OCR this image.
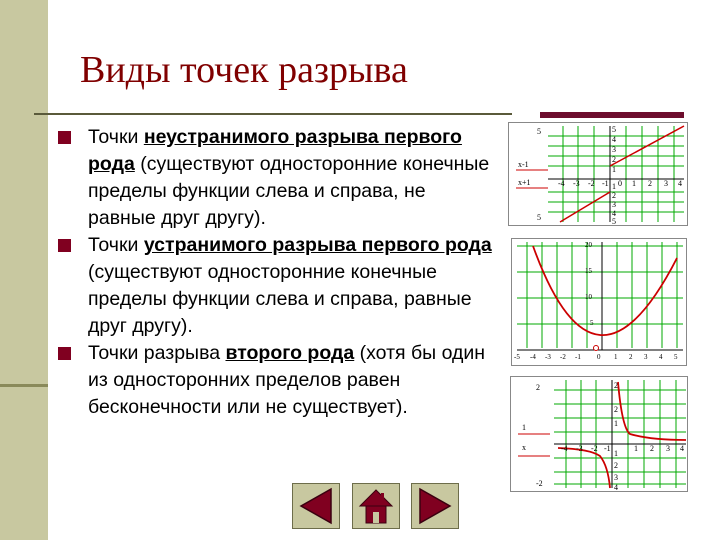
Виды точек разрыва
Точки неустранимого разрыва первого рода (существуют односторонние конечные пределы функции слева и справа, не равные друг другу).
Точки устранимого разрыва первого рода (существуют односторонние конечные пределы функции слева и справа, равные друг другу).
Точки разрыва второго рода (хотя бы один из односторонних пределов равен бесконечности или не существует).
5
x-1
x+1
5
5
4
3
2
1
1
2
3
4
5
-4 -3 -2 -1 0 1 2 3 4
20
15
10
5
-5 -4 -3 -2 -1 0 1 2 3 4 5
2
1
x
-2
2
2
1
1
2
3
4
-4 -3 -2 -1	1 2 3 4
